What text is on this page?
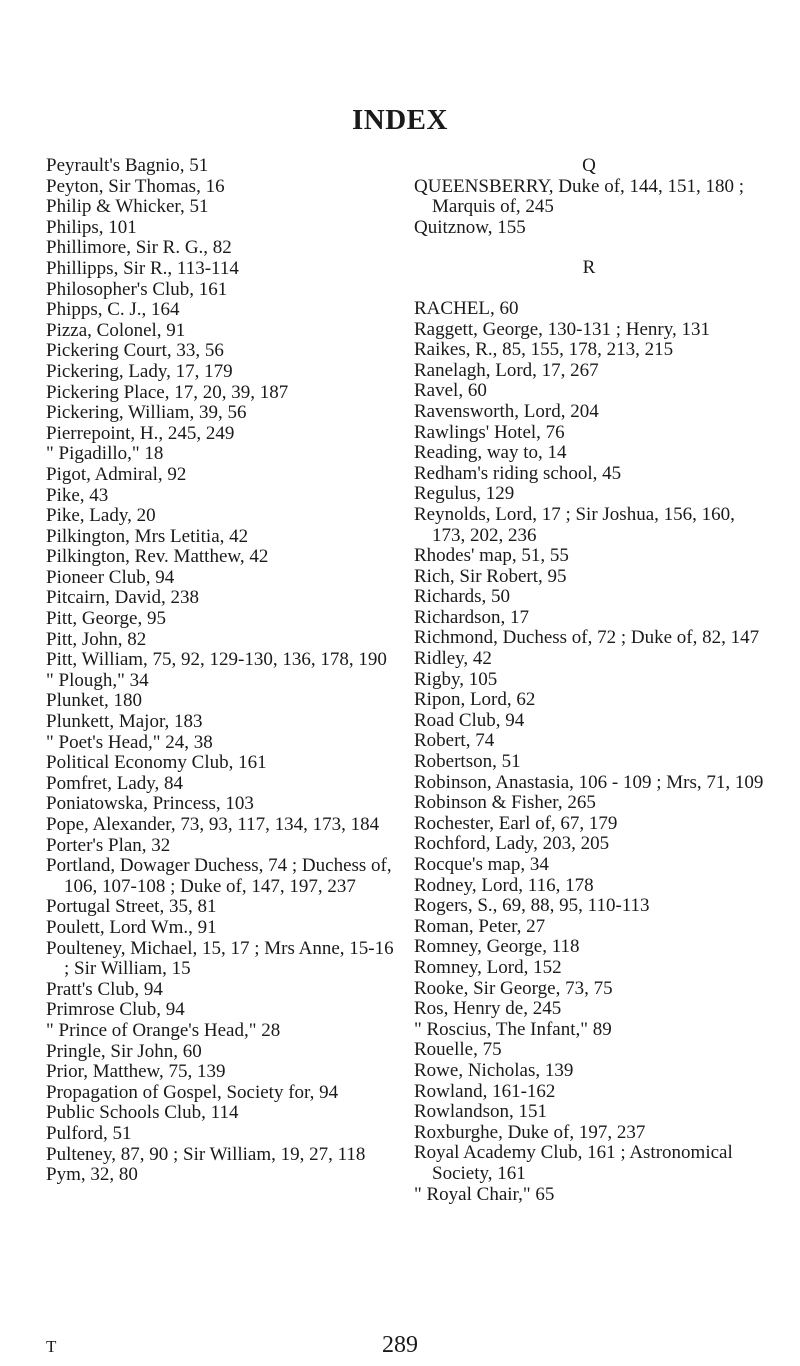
INDEX

Peyrault's Bagnio, 51

Peyton, Sir Thomas, 16

Philip & Whicker, 51

Philips, 101

Phillimore, Sir R. G., 82

Phillipps, Sir R., 113-114

Philosopher's Club, 161

Phipps, C. J., 164

Pizza, Colonel, 91

Pickering Court, 33, 56

Pickering, Lady, 17, 179

Pickering Place, 17, 20, 39, 187

Pickering, William, 39, 56

Pierrepoint, H., 245, 249

" Pigadillo," 18

Pigot, Admiral, 92

Pike, 43

Pike, Lady, 20

Pilkington, Mrs Letitia, 42

Pilkington, Rev. Matthew, 42

Pioneer Club, 94

Pitcairn, David, 238

Pitt, George, 95

Pitt, John, 82

Pitt, William, 75, 92, 129-130, 136, 178, 190

" Plough," 34

Plunket, 180

Plunkett, Major, 183

" Poet's Head," 24, 38

Political Economy Club, 161

Pomfret, Lady, 84

Poniatowska, Princess, 103

Pope, Alexander, 73, 93, 117, 134, 173, 184

Porter's Plan, 32

Portland, Dowager Duchess, 74 ; Duchess of, 106, 107-108 ; Duke of, 147, 197, 237

Portugal Street, 35, 81

Poulett, Lord Wm., 91

Poulteney, Michael, 15, 17 ; Mrs Anne, 15-16 ; Sir William, 15

Pratt's Club, 94

Primrose Club, 94

" Prince of Orange's Head," 28

Pringle, Sir John, 60

Prior, Matthew, 75, 139

Propagation of Gospel, Society for, 94

Public Schools Club, 114

Pulford, 51

Pulteney, 87, 90 ; Sir William, 19, 27, 118

Pym, 32, 80

Q

QUEENSBERRY, Duke of, 144, 151, 180 ; Marquis of, 245

Quitznow, 155

R

RACHEL, 60

Raggett, George, 130-131 ; Henry, 131

Raikes, R., 85, 155, 178, 213, 215

Ranelagh, Lord, 17, 267

Ravel, 60

Ravensworth, Lord, 204

Rawlings' Hotel, 76

Reading, way to, 14

Redham's riding school, 45

Regulus, 129

Reynolds, Lord, 17 ; Sir Joshua, 156, 160, 173, 202, 236

Rhodes' map, 51, 55

Rich, Sir Robert, 95

Richards, 50

Richardson, 17

Richmond, Duchess of, 72 ; Duke of, 82, 147

Ridley, 42

Rigby, 105

Ripon, Lord, 62

Road Club, 94

Robert, 74

Robertson, 51

Robinson, Anastasia, 106 - 109 ; Mrs, 71, 109

Robinson & Fisher, 265

Rochester, Earl of, 67, 179

Rochford, Lady, 203, 205

Rocque's map, 34

Rodney, Lord, 116, 178

Rogers, S., 69, 88, 95, 110-113

Roman, Peter, 27

Romney, George, 118

Romney, Lord, 152

Rooke, Sir George, 73, 75

Ros, Henry de, 245

" Roscius, The Infant," 89

Rouelle, 75

Rowe, Nicholas, 139

Rowland, 161-162

Rowlandson, 151

Roxburghe, Duke of, 197, 237

Royal Academy Club, 161 ; Astronomical Society, 161

" Royal Chair," 65

T	289
